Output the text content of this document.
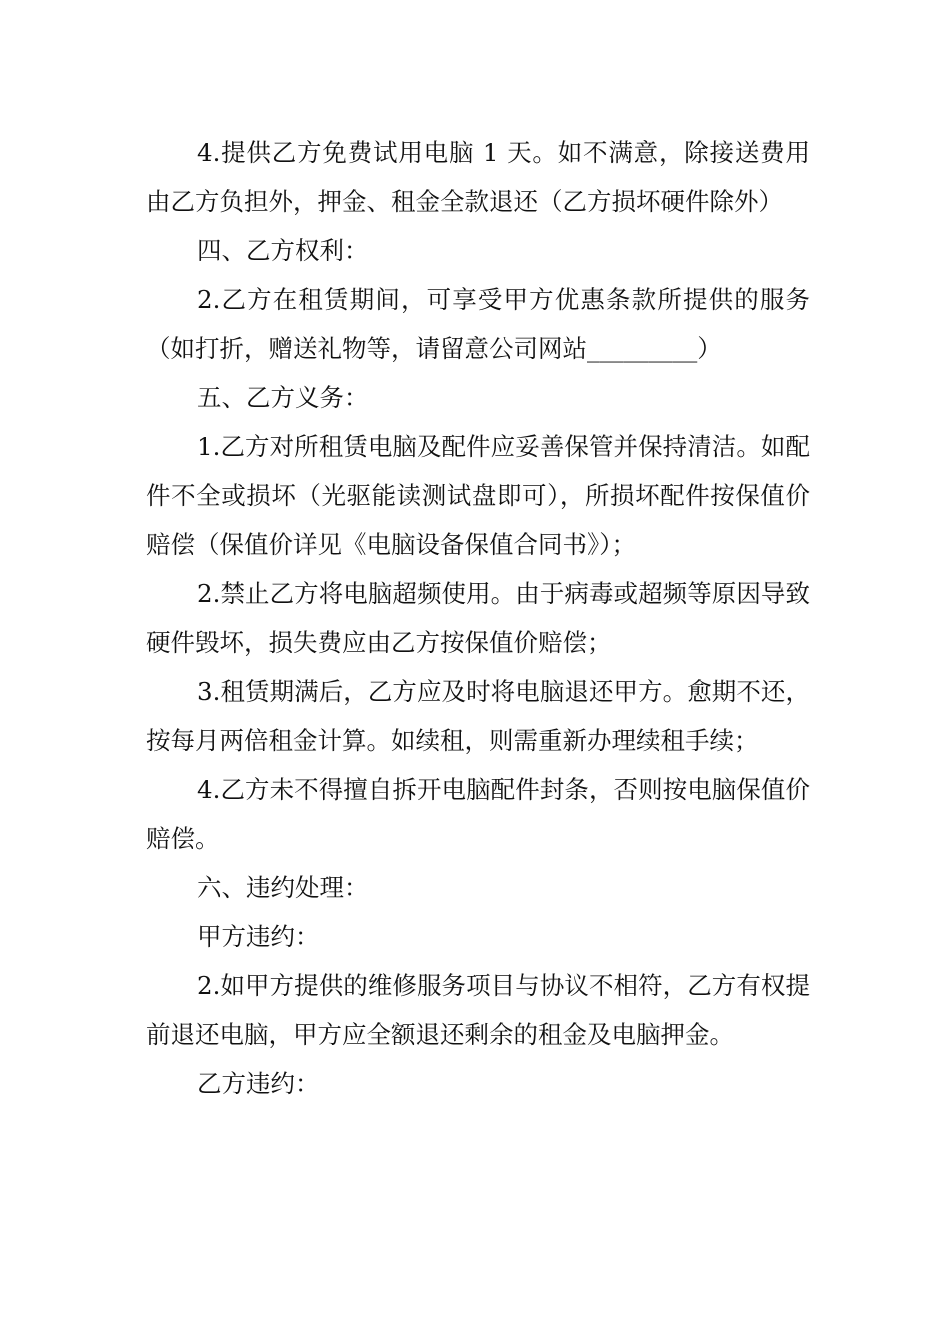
4.提供乙方免费试用电脑 1 天。如不满意，除接送费用由乙方负担外，押金、租金全款退还（乙方损坏硬件除外）

四、乙方权利：

2.乙方在租赁期间，可享受甲方优惠条款所提供的服务（如打折，赠送礼物等，请留意公司网站_________）

五、乙方义务：

1.乙方对所租赁电脑及配件应妥善保管并保持清洁。如配件不全或损坏（光驱能读测试盘即可），所损坏配件按保值价赔偿（保值价详见《电脑设备保值合同书》）；

2.禁止乙方将电脑超频使用。由于病毒或超频等原因导致硬件毁坏，损失费应由乙方按保值价赔偿；

3.租赁期满后，乙方应及时将电脑退还甲方。愈期不还，按每月两倍租金计算。如续租，则需重新办理续租手续；

4.乙方未不得擅自拆开电脑配件封条，否则按电脑保值价赔偿。

六、违约处理：

甲方违约：

2.如甲方提供的维修服务项目与协议不相符，乙方有权提前退还电脑，甲方应全额退还剩余的租金及电脑押金。

乙方违约：
